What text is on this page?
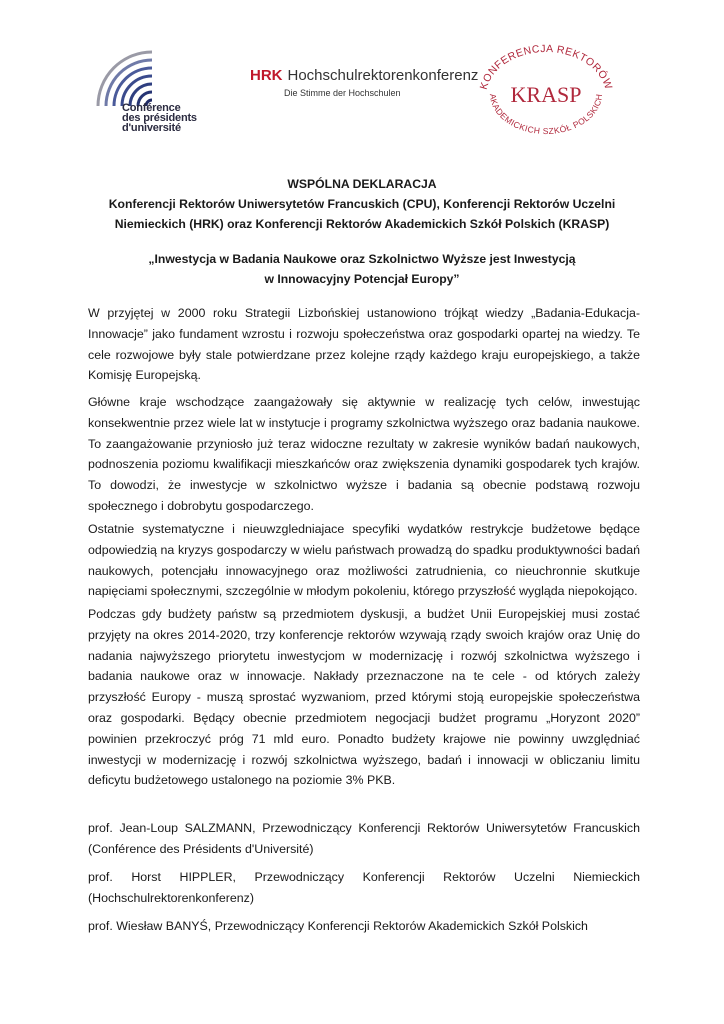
Conférence
des présidents
d'université
HRK Hochschulrektorenkonferenz
Die Stimme der Hochschulen
KONFERENCJA REKTORÓW
KRASP
AKADEMICKICH SZKÓŁ POLSKICH
WSPÓLNA DEKLARACJA
Konferencji Rektorów Uniwersytetów Francuskich (CPU), Konferencji Rektorów Uczelni
Niemieckich (HRK) oraz Konferencji Rektorów Akademickich Szkół Polskich (KRASP)
„Inwestycja w Badania Naukowe oraz Szkolnictwo Wyższe jest Inwestycją
w Innowacyjny Potencjał Europy”

W przyjętej w 2000 roku Strategii Lizbońskiej ustanowiono trójkąt wiedzy „Badania-Edukacja-Innowacje” jako fundament wzrostu i rozwoju społeczeństwa oraz gospodarki opartej na wiedzy. Te cele rozwojowe były stale potwierdzane przez kolejne rządy każdego kraju europejskiego, a także Komisję Europejską.

Główne kraje wschodzące zaangażowały się aktywnie w realizację tych celów, inwestując konsekwentnie przez wiele lat w instytucje i programy szkolnictwa wyższego oraz badania naukowe. To zaangażowanie przyniosło już teraz widoczne rezultaty w zakresie wyników badań naukowych, podnoszenia poziomu kwalifikacji mieszkańców oraz zwiększenia dynamiki gospodarek tych krajów. To dowodzi, że inwestycje w szkolnictwo wyższe i badania są obecnie podstawą rozwoju społecznego i dobrobytu gospodarczego.

Ostatnie systematyczne i nieuwzgledniajace specyfiki wydatków restrykcje budżetowe będące odpowiedzią na kryzys gospodarczy w wielu państwach prowadzą do spadku produktywności badań naukowych, potencjału innowacyjnego oraz możliwości zatrudnienia, co nieuchronnie skutkuje napięciami społecznymi, szczególnie w młodym pokoleniu, którego przyszłość wygląda niepokojąco.

Podczas gdy budżety państw są przedmiotem dyskusji, a budżet Unii Europejskiej musi zostać przyjęty na okres 2014-2020, trzy konferencje rektorów wzywają rządy swoich krajów oraz Unię do nadania najwyższego priorytetu inwestycjom w modernizację i rozwój szkolnictwa wyższego i badania naukowe oraz w innowacje. Nakłady przeznaczone na te cele - od których zależy przyszłość Europy - muszą sprostać wyzwaniom, przed którymi stoją europejskie społeczeństwa oraz gospodarki. Będący obecnie przedmiotem negocjacji budżet programu „Horyzont 2020” powinien przekroczyć próg 71 mld euro. Ponadto budżety krajowe nie powinny uwzględniać inwestycji w modernizację i rozwój szkolnictwa wyższego, badań i innowacji w obliczaniu limitu deficytu budżetowego ustalonego na poziomie 3% PKB.

prof. Jean-Loup SALZMANN, Przewodniczący Konferencji Rektorów Uniwersytetów Francuskich (Conférence des Présidents d'Université)

prof. Horst HIPPLER, Przewodniczący Konferencji Rektorów Uczelni Niemieckich (Hochschulrektorenkonferenz)

prof. Wiesław BANYŚ, Przewodniczący Konferencji Rektorów Akademickich Szkół Polskich
